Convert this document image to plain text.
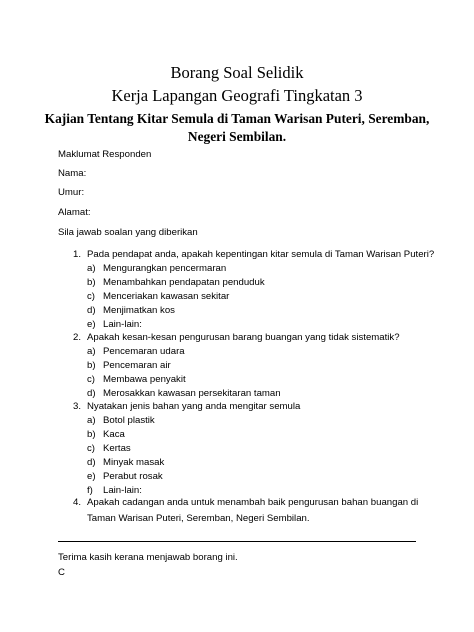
Borang Soal Selidik
Kerja Lapangan Geografi Tingkatan 3
Kajian Tentang Kitar Semula di Taman Warisan Puteri, Seremban,
Negeri Sembilan.
Maklumat Responden
Nama:
Umur:
Alamat:
Sila jawab soalan yang diberikan
1. Pada pendapat anda, apakah kepentingan kitar semula di Taman Warisan Puteri?
a) Mengurangkan pencermaran
b) Menambahkan pendapatan penduduk
c) Menceriakan kawasan sekitar
d) Menjimatkan kos
e) Lain-lain:
2. Apakah kesan-kesan pengurusan barang buangan yang tidak sistematik?
a) Pencemaran udara
b) Pencemaran air
c) Membawa penyakit
d) Merosakkan kawasan persekitaran taman
3. Nyatakan jenis bahan yang anda mengitar semula
a) Botol plastik
b) Kaca
c) Kertas
d) Minyak masak
e) Perabut rosak
f) Lain-lain:
4. Apakah cadangan anda untuk menambah baik pengurusan bahan buangan di
Taman Warisan Puteri, Seremban, Negeri Sembilan.
Terima kasih kerana menjawab borang ini.
C
